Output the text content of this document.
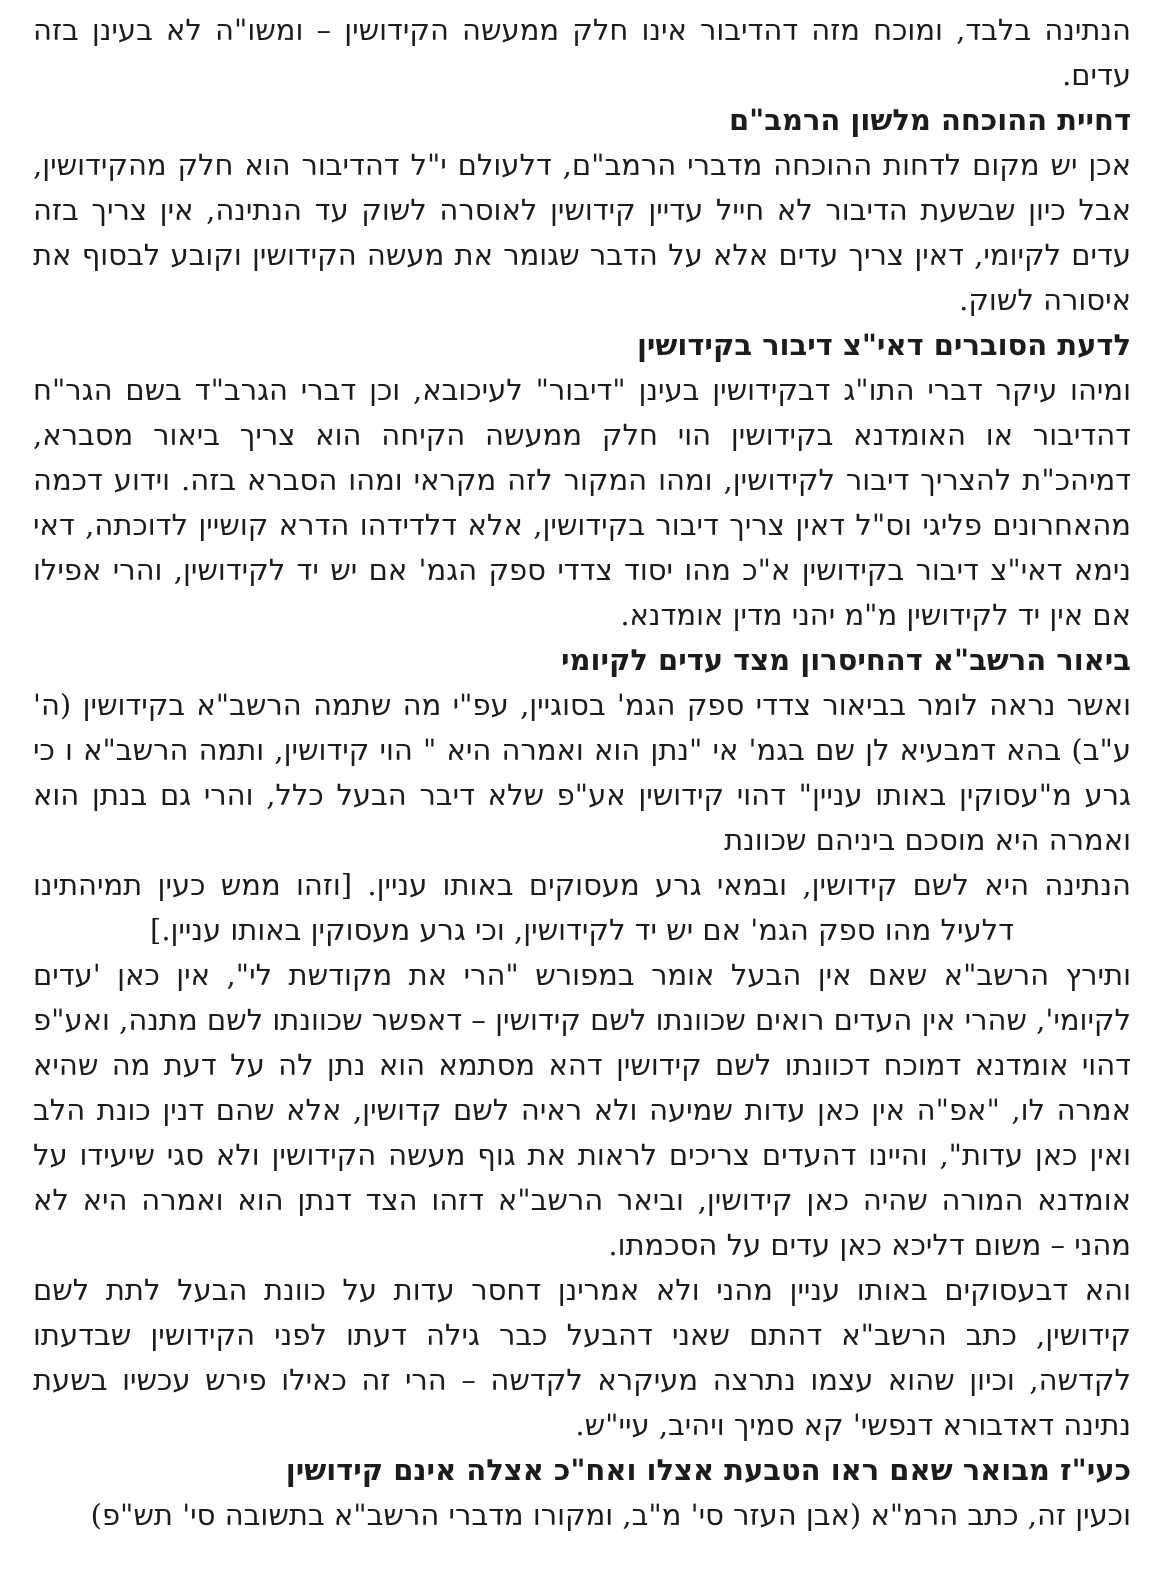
הנתינה בלבד, ומוכח מזה דהדיבור אינו חלק ממעשה הקידושין – ומשו"ה לא בעינן בזה עדים.

דחיית ההוכחה מלשון הרמב"ם

אכן יש מקום לדחות ההוכחה מדברי הרמב"ם, דלעולם י"ל דהדיבור הוא חלק מהקידושין, אבל כיון שבשעת הדיבור לא חייל עדיין קידושין לאוסרה לשוק עד הנתינה, אין צריך בזה עדים לקיומי, דאין צריך עדים אלא על הדבר שגומר את מעשה הקידושין וקובע לבסוף את איסורה לשוק.

לדעת הסוברים דאי"צ דיבור בקידושין

ומיהו עיקר דברי התו"ג דבקידושין בעינן "דיבור" לעיכובא, וכן דברי הגרב"ד בשם הגר"ח דהדיבור או האומדנא בקידושין הוי חלק ממעשה הקיחה הוא צריך ביאור מסברא, דמיהכ"ת להצריך דיבור לקידושין, ומהו המקור לזה מקראי ומהו הסברא בזה. וידוע דכמה מהאחרונים פליגי וס"ל דאין צריך דיבור בקידושין, אלא דלדידהו הדרא קושיין לדוכתה, דאי נימא דאי"צ דיבור בקידושין א"כ מהו יסוד צדדי ספק הגמ' אם יש יד לקידושין, והרי אפילו אם אין יד לקידושין מ"מ יהני מדין אומדנא.

ביאור הרשב"א דהחיסרון מצד עדים לקיומי

ואשר נראה לומר בביאור צדדי ספק הגמ' בסוגיין, עפ"י מה שתמה הרשב"א בקידושין (ה' ע"ב) בהא דמבעיא לן שם בגמ' אי "נתן הוא ואמרה היא " הוי קידושין, ותמה הרשב"א ו כי גרע מ"עסוקין באותו עניין" דהוי קידושין אע"פ שלא דיבר הבעל כלל, והרי גם בנתן הוא ואמרה היא מוסכם ביניהם שכוונת

הנתינה היא לשם קידושין, ובמאי גרע מעסוקים באותו עניין. [וזהו ממש כעין תמיהתינו דלעיל מהו ספק הגמ' אם יש יד לקידושין, וכי גרע מעסוקין באותו עניין.]

ותירץ הרשב"א שאם אין הבעל אומר במפורש "הרי את מקודשת לי", אין כאן 'עדים לקיומי', שהרי אין העדים רואים שכוונתו לשם קידושין – דאפשר שכוונתו לשם מתנה, ואע"פ דהוי אומדנא דמוכח דכוונתו לשם קידושין דהא מסתמא הוא נתן לה על דעת מה שהיא אמרה לו, "אפ"ה אין כאן עדות שמיעה ולא ראיה לשם קדושין, אלא שהם דנין כונת הלב ואין כאן עדות", והיינו דהעדים צריכים לראות את גוף מעשה הקידושין ולא סגי שיעידו על אומדנא המורה שהיה כאן קידושין, וביאר הרשב"א דזהו הצד דנתן הוא ואמרה היא לא מהני – משום דליכא כאן עדים על הסכמתו.

והא דבעסוקים באותו עניין מהני ולא אמרינן דחסר עדות על כוונת הבעל לתת לשם קידושין, כתב הרשב"א דהתם שאני דהבעל כבר גילה דעתו לפני הקידושין שבדעתו לקדשה, וכיון שהוא עצמו נתרצה מעיקרא לקדשה – הרי זה כאילו פירש עכשיו בשעת נתינה דאדבורא דנפשי' קא סמיך ויהיב, עיי"ש.

כעי"ז מבואר שאם ראו הטבעת אצלו ואח"כ אצלה אינם קידושין

וכעין זה, כתב הרמ"א (אבן העזר סי' מ"ב, ומקורו מדברי הרשב"א בתשובה סי' תש"פ)
